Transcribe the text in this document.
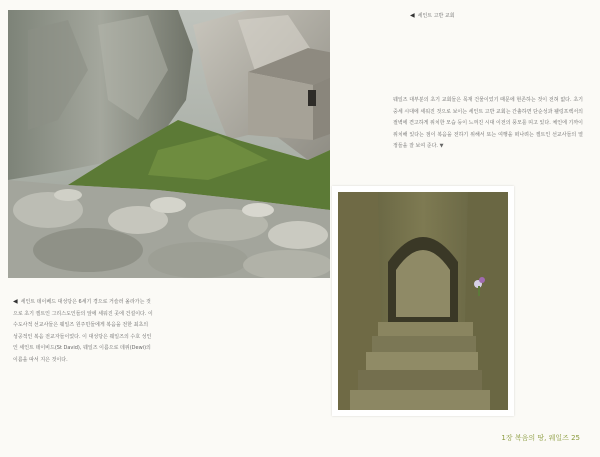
◀ 세인트 고반 교회
웨일즈 대부분의 초기 교회들은 목재 건물이었기 때문에 현존하는 것이 전혀 없다. 초기 중세 시대에 세워진 것으로 보이는 세인트 고반 교회는 간촐하면 단순성과 웰링프렉서의 절벽에 견고하게 위치한 모습 등이 느껴진 시대 이전의 풍모를 띠고 있다. 체인에 기까이 위치해 있다는 점이 복음을 전하기 위해서 또는 여행을 떠나려는 켈트인 선교사들의 열정들을 잘 보여 준다. ▼
◀ 세인트 데이베드 대성당은 6세기 경으로 거슬러 올라가는 것으로 초기 켈트인 그리스도인들의 앞에 세워진 곳에 건설이다. 이 수도사적 선교사들은 웨일즈 원주민들에게 복음을 전한 최초의 성공적인 복음 전교자들이었다. 이 대성당은 웨일즈의 수호 성인인 세인트 데이비드(St David), 웨일즈 이름으로 데위(Dewi)의 이름을 따서 지은 것이다.
1장 복음의 땅, 웨일즈 25
